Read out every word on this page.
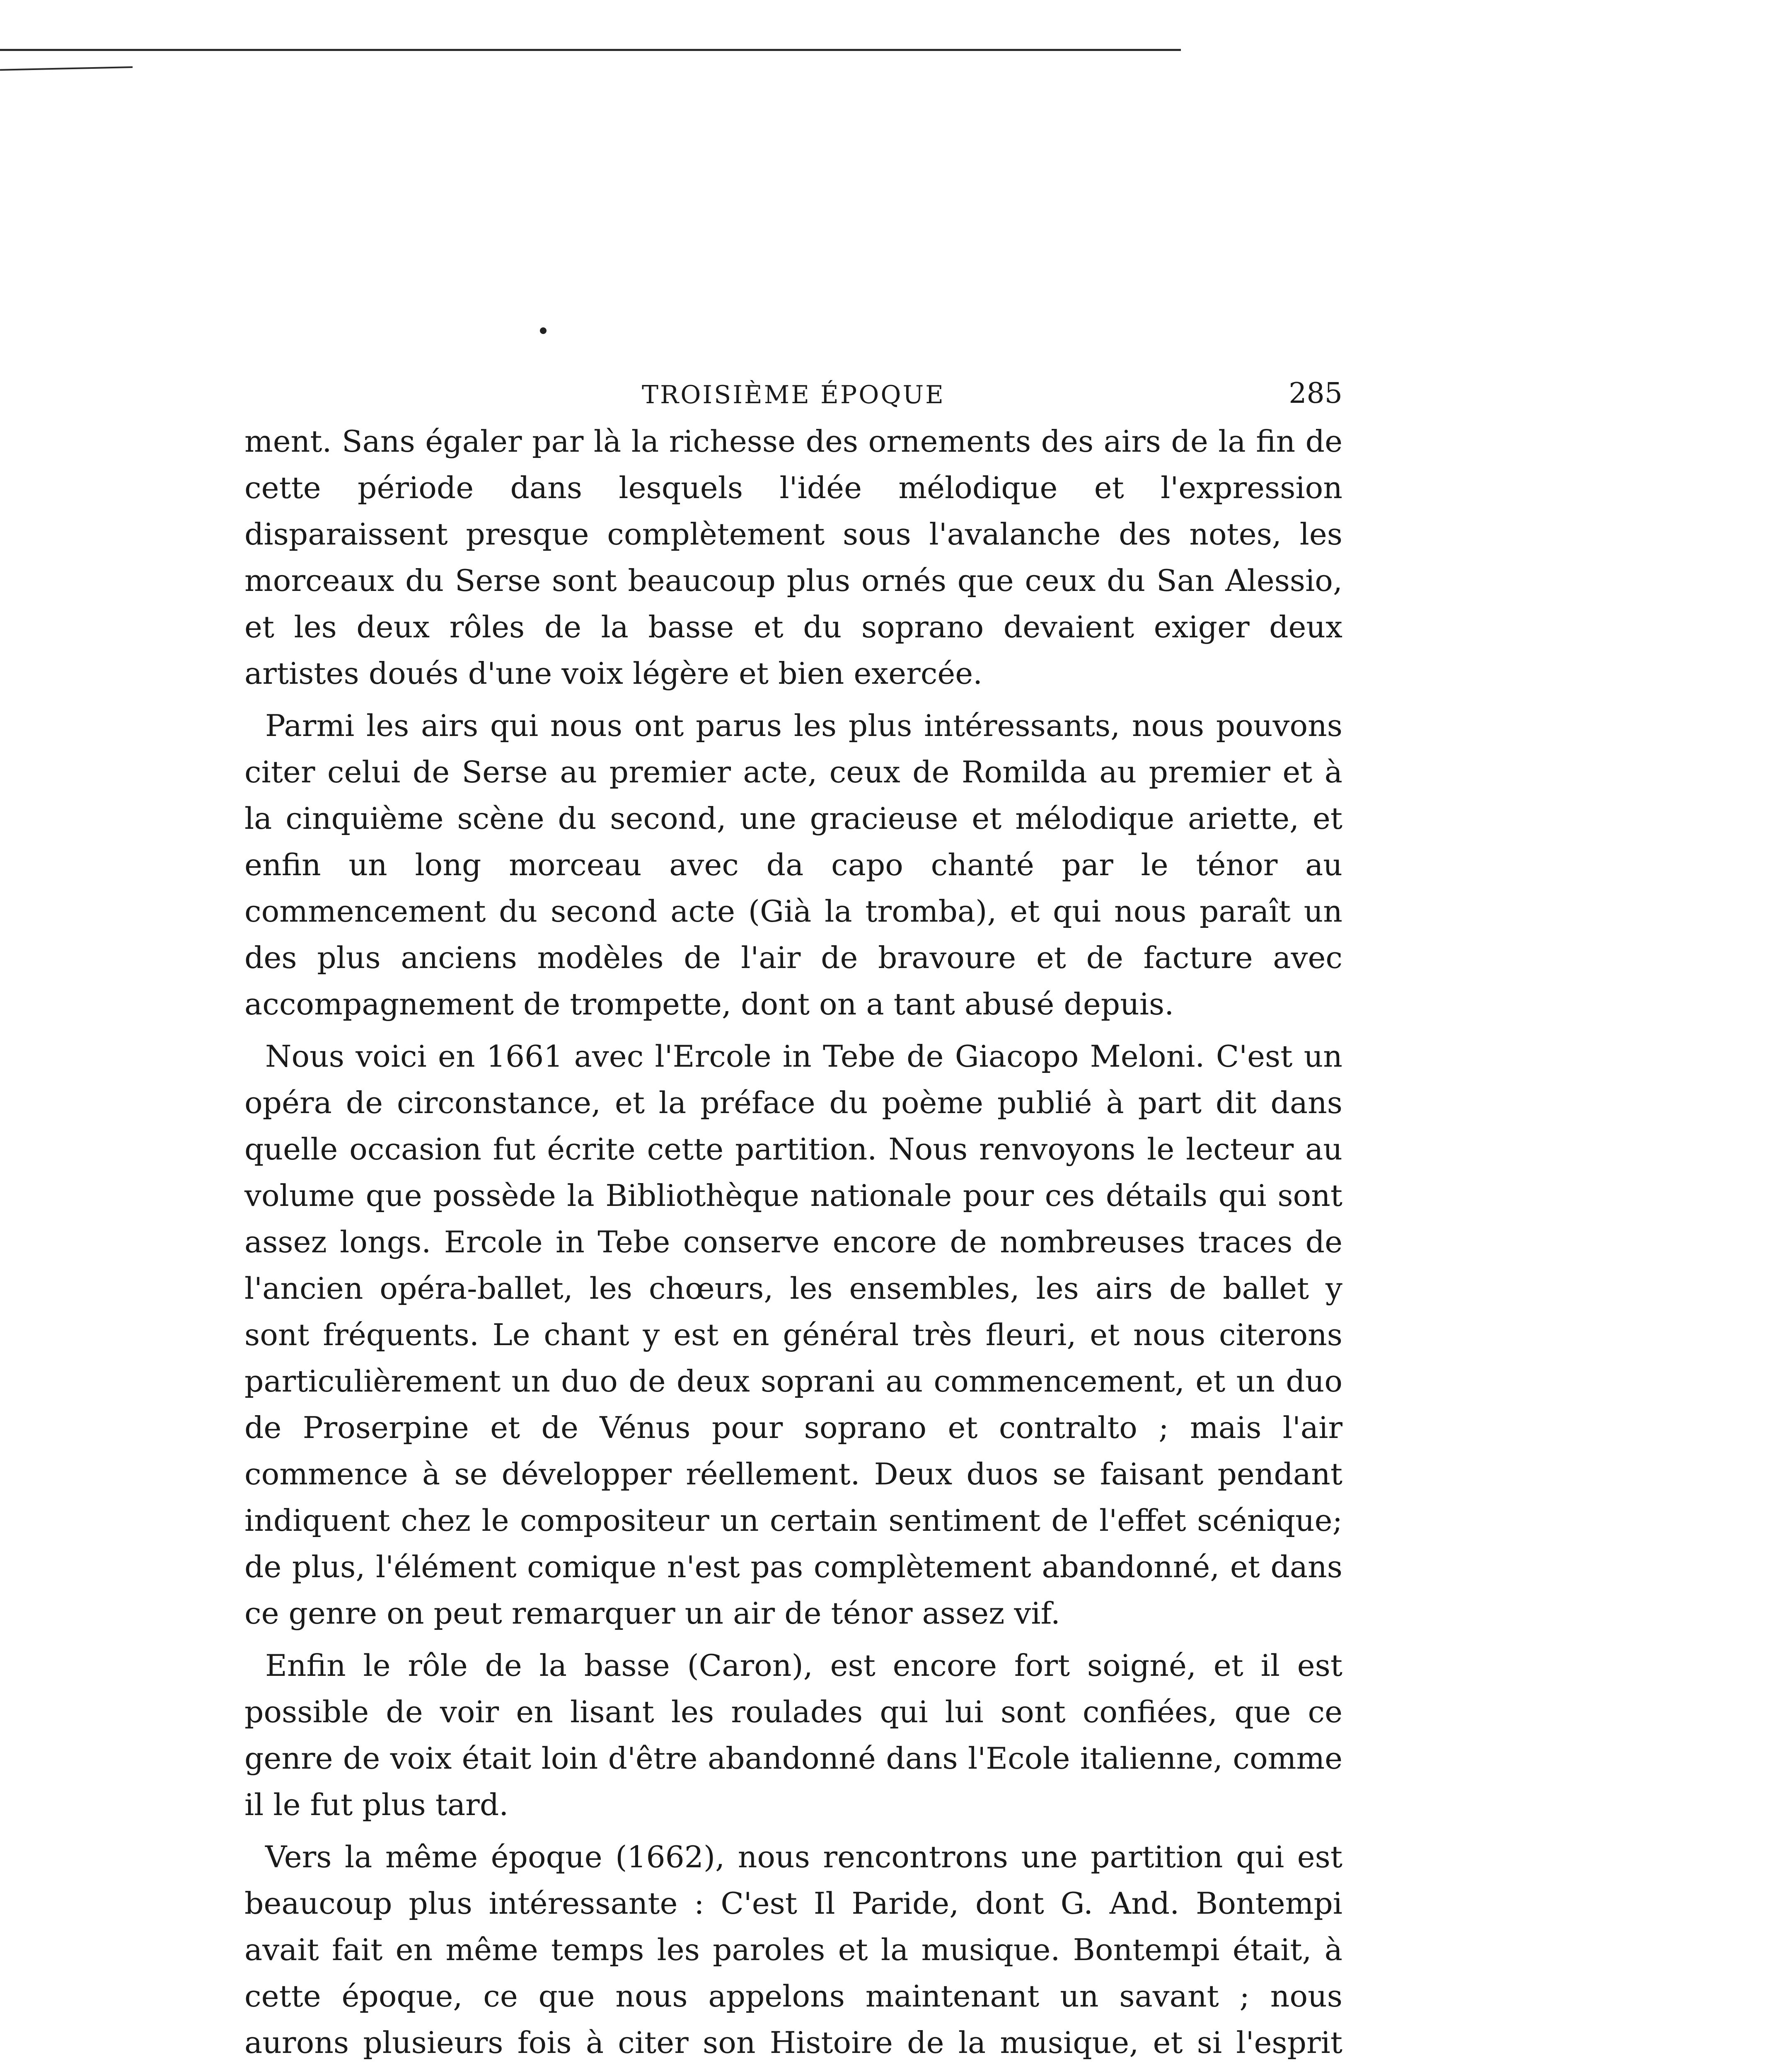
TROISIÈME ÉPOQUE	285

ment. Sans égaler par là la richesse des ornements des airs de la fin de cette période dans lesquels l'idée mélodique et l'expression disparaissent presque complètement sous l'avalanche des notes, les morceaux du Serse sont beaucoup plus ornés que ceux du San Alessio, et les deux rôles de la basse et du soprano devaient exiger deux artistes doués d'une voix légère et bien exercée.

Parmi les airs qui nous ont parus les plus intéressants, nous pouvons citer celui de Serse au premier acte, ceux de Romilda au premier et à la cinquième scène du second, une gracieuse et mélodique ariette, et enfin un long morceau avec da capo chanté par le ténor au commencement du second acte (Già la tromba), et qui nous paraît un des plus anciens modèles de l'air de bravoure et de facture avec accompagnement de trompette, dont on a tant abusé depuis.

Nous voici en 1661 avec l'Ercole in Tebe de Giacopo Meloni. C'est un opéra de circonstance, et la préface du poème publié à part dit dans quelle occasion fut écrite cette partition. Nous renvoyons le lecteur au volume que possède la Bibliothèque nationale pour ces détails qui sont assez longs. Ercole in Tebe conserve encore de nombreuses traces de l'ancien opéra-ballet, les chœurs, les ensembles, les airs de ballet y sont fréquents. Le chant y est en général très fleuri, et nous citerons particulièrement un duo de deux soprani au commencement, et un duo de Proserpine et de Vénus pour soprano et contralto ; mais l'air commence à se développer réellement. Deux duos se faisant pendant indiquent chez le compositeur un certain sentiment de l'effet scénique; de plus, l'élément comique n'est pas complètement abandonné, et dans ce genre on peut remarquer un air de ténor assez vif.

Enfin le rôle de la basse (Caron), est encore fort soigné, et il est possible de voir en lisant les roulades qui lui sont confiées, que ce genre de voix était loin d'être abandonné dans l'Ecole italienne, comme il le fut plus tard.

Vers la même époque (1662), nous rencontrons une partition qui est beaucoup plus intéressante : C'est Il Paride, dont G. And. Bontempi avait fait en même temps les paroles et la musique. Bontempi était, à cette époque, ce que nous appelons maintenant un savant ; nous aurons plusieurs fois à citer son Histoire de la musique, et si l'esprit
